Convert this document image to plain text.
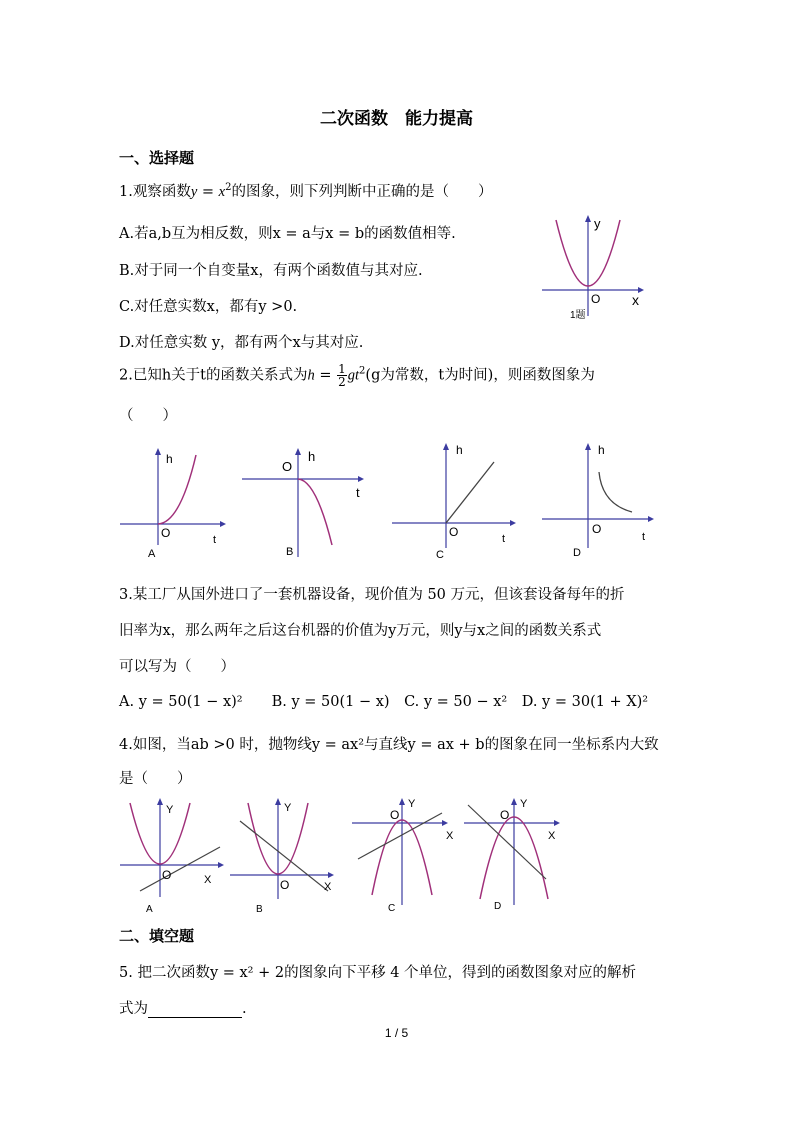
二次函数　能力提高
一、选择题
1.观察函数$y = x^2$的图象，则下列判断中正确的是（　　）
A.若a,b互为相反数，则x = a与x = b的函数值相等.
B.对于同一个自变量x，有两个函数值与其对应.
C.对任意实数x，都有y >0.
D.对任意实数 y，都有两个x与其对应.
y
x
O
1题
2.已知h关于t的函数关系式为$h = \frac{1}{2} gt^2(g$为常数，t为时间)，则函数图象为
（　　）
h
t
O
A
h
t
O
B
h
t
O
C
h
t
O
D
3.某工厂从国外进口了一套机器设备，现价值为 50 万元，但该套设备每年的折
旧率为x，那么两年之后这台机器的价值为y万元，则y与x之间的函数关系式
可以写为（　　）
A. y = 50(1 − x)²　　B. y = 50(1 − x)　C. y = 50 − x²　D. y = 30(1 + X)²
4.如图，当ab >0 时，抛物线y = ax²与直线y = ax + b的图象在同一坐标系内大致
是（　　）
Y
X
O
A
Y
X
O
B
Y
X
O
C
Y
X
O
D
二、填空题
5. 把二次函数y = x² + 2的图象向下平移 4 个单位，得到的函数图象对应的解析
式为	.
1 / 5
